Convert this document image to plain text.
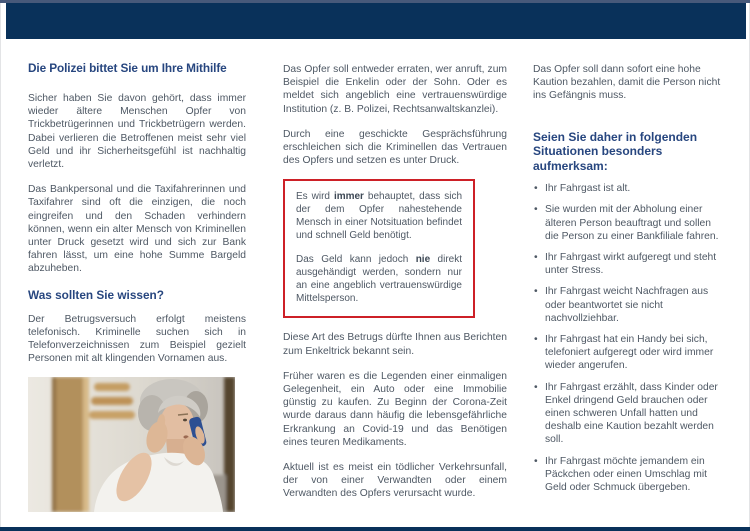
Die Polizei bittet Sie um Ihre Mithilfe

Sicher haben Sie davon gehört, dass immer wieder ältere Menschen Opfer von Trickbetrügerinnen und Trickbetrügern werden. Dabei verlieren die Betroffenen meist sehr viel Geld und ihr Sicherheitsgefühl ist nachhaltig verletzt.

Das Bankpersonal und die Taxifahrerinnen und Taxifahrer sind oft die einzigen, die noch eingreifen und den Schaden verhindern können, wenn ein alter Mensch von Kriminellen unter Druck gesetzt wird und sich zur Bank fahren lässt, um eine hohe Summe Bargeld abzuheben.

Was sollten Sie wissen?

Der Betrugsversuch erfolgt meistens telefonisch. Kriminelle suchen sich in Telefonverzeichnissen zum Beispiel gezielt Personen mit alt klingenden Vornamen aus.

Das Opfer soll entweder erraten, wer anruft, zum Beispiel die Enkelin oder der Sohn. Oder es meldet sich angeblich eine vertrauenswürdige Institution (z. B. Polizei, Rechtsanwaltskanzlei).

Durch eine geschickte Gesprächsführung erschleichen sich die Kriminellen das Vertrauen des Opfers und setzen es unter Druck.

Es wird immer behauptet, dass sich der dem Opfer nahestehende Mensch in einer Notsituation befindet und schnell Geld benötigt.

Das Geld kann jedoch nie direkt ausgehändigt werden, sondern nur an eine angeblich vertrauenswürdige Mittelsperson.

Diese Art des Betrugs dürfte Ihnen aus Berichten zum Enkeltrick bekannt sein.

Früher waren es die Legenden einer einmaligen Gelegenheit, ein Auto oder eine Immobilie günstig zu kaufen. Zu Beginn der Corona-Zeit wurde daraus dann häufig die lebensgefährliche Erkrankung an Covid-19 und das Benötigen eines teuren Medikaments.

Aktuell ist es meist ein tödlicher Verkehrsunfall, der von einer Verwandten oder einem Verwandten des Opfers verursacht wurde.

Das Opfer soll dann sofort eine hohe Kaution bezahlen, damit die Person nicht ins Gefängnis muss.

Seien Sie daher in folgenden Situationen besonders aufmerksam:
• Ihr Fahrgast ist alt.
• Sie wurden mit der Abholung einer älteren Person beauftragt und sollen die Person zu einer Bankfiliale fahren.
• Ihr Fahrgast wirkt aufgeregt und steht unter Stress.
• Ihr Fahrgast weicht Nachfragen aus oder beantwortet sie nicht nachvollziehbar.
• Ihr Fahrgast hat ein Handy bei sich, telefoniert aufgeregt oder wird immer wieder angerufen.
• Ihr Fahrgast erzählt, dass Kinder oder Enkel dringend Geld brauchen oder einen schweren Unfall hatten und deshalb eine Kaution bezahlt werden soll.
• Ihr Fahrgast möchte jemandem ein Päckchen oder einen Umschlag mit Geld oder Schmuck übergeben.
